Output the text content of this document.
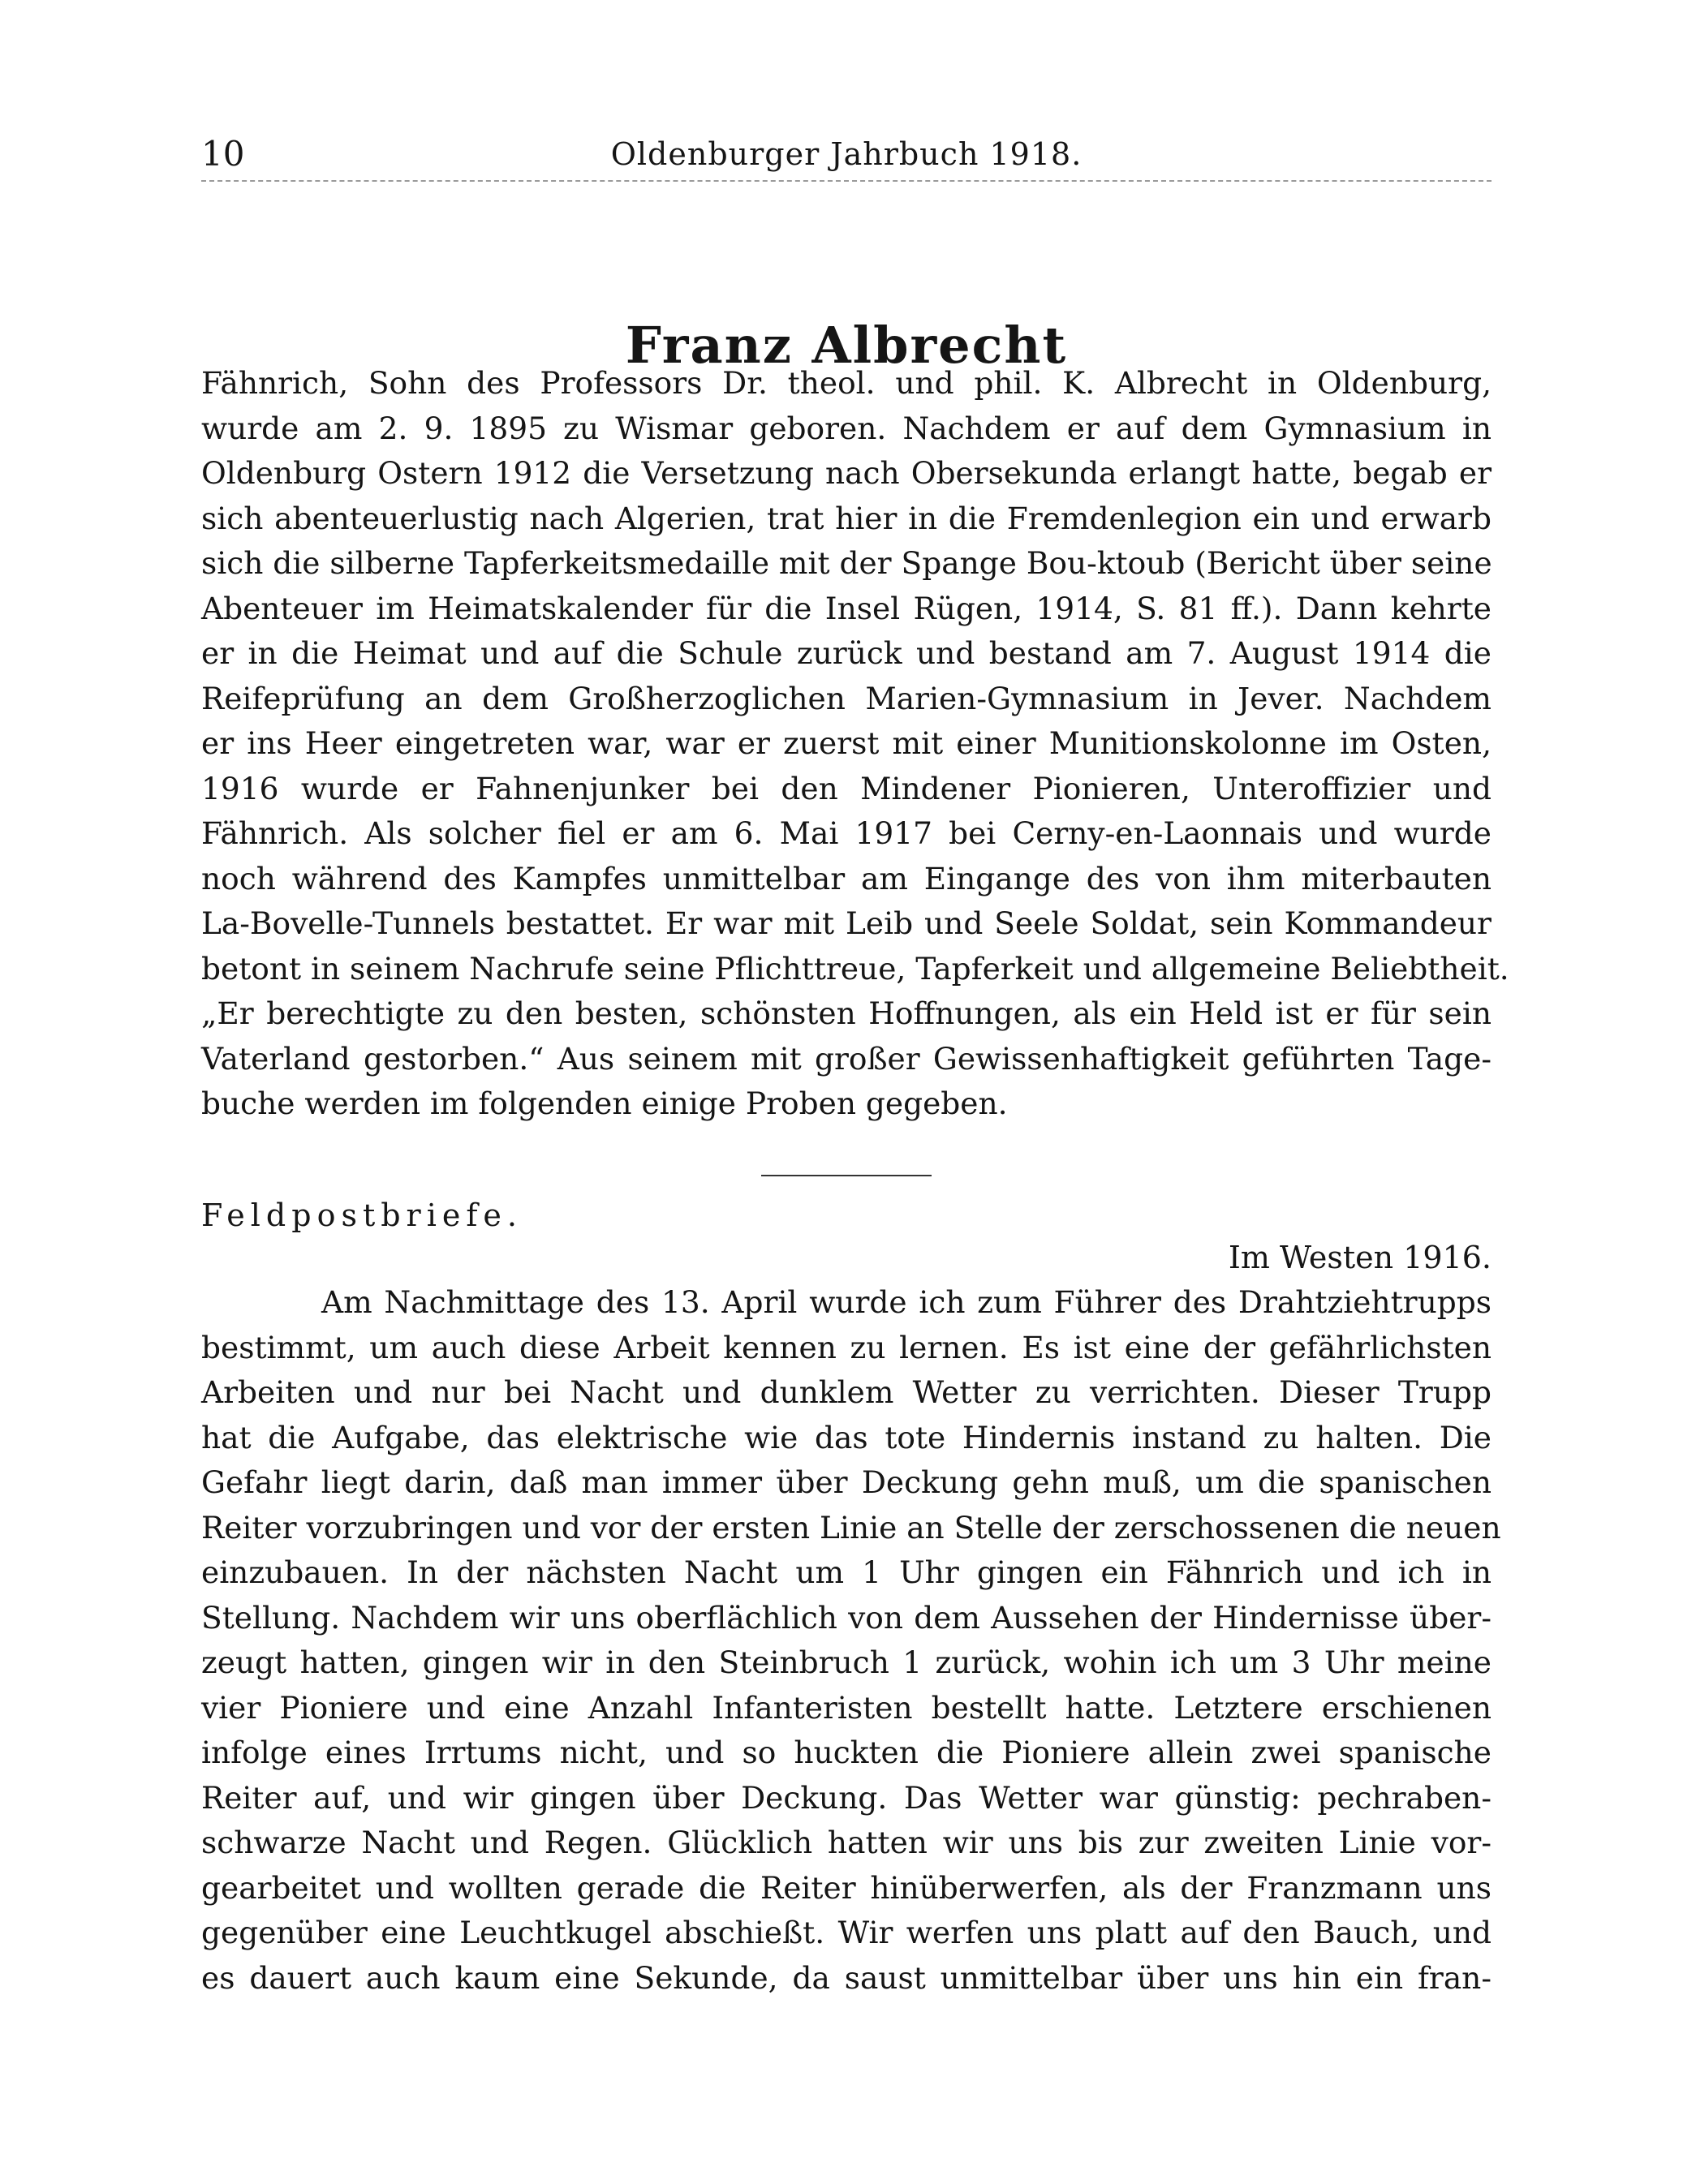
10	Oldenburger Jahrbuch 1918.
Franz Albrecht
Fähnrich, Sohn des Professors Dr. theol. und phil. K. Albrecht in Oldenburg,
wurde am 2. 9. 1895 zu Wismar geboren. Nachdem er auf dem Gymnasium in
Oldenburg Ostern 1912 die Versetzung nach Obersekunda erlangt hatte, begab er
sich abenteuerlustig nach Algerien, trat hier in die Fremdenlegion ein und erwarb
sich die silberne Tapferkeitsmedaille mit der Spange Bou-ktoub (Bericht über seine
Abenteuer im Heimatskalender für die Insel Rügen, 1914, S. 81 ff.). Dann kehrte
er in die Heimat und auf die Schule zurück und bestand am 7. August 1914 die
Reifeprüfung an dem Großherzoglichen Marien-Gymnasium in Jever. Nachdem
er ins Heer eingetreten war, war er zuerst mit einer Munitionskolonne im Osten,
1916 wurde er Fahnenjunker bei den Mindener Pionieren, Unteroffizier und
Fähnrich. Als solcher fiel er am 6. Mai 1917 bei Cerny-en-Laonnais und wurde
noch während des Kampfes unmittelbar am Eingange des von ihm miterbauten
La-Bovelle-Tunnels bestattet. Er war mit Leib und Seele Soldat, sein Kommandeur
betont in seinem Nachrufe seine Pflichttreue, Tapferkeit und allgemeine Beliebtheit.
„Er berechtigte zu den besten, schönsten Hoffnungen, als ein Held ist er für sein
Vaterland gestorben.“ Aus seinem mit großer Gewissenhaftigkeit geführten Tage-
buche werden im folgenden einige Proben gegeben.
Feldpostbriefe.
Im Westen 1916.
Am Nachmittage des 13. April wurde ich zum Führer des Drahtziehtrupps
bestimmt, um auch diese Arbeit kennen zu lernen. Es ist eine der gefährlichsten
Arbeiten und nur bei Nacht und dunklem Wetter zu verrichten. Dieser Trupp
hat die Aufgabe, das elektrische wie das tote Hindernis instand zu halten. Die
Gefahr liegt darin, daß man immer über Deckung gehn muß, um die spanischen
Reiter vorzubringen und vor der ersten Linie an Stelle der zerschossenen die neuen
einzubauen. In der nächsten Nacht um 1 Uhr gingen ein Fähnrich und ich in
Stellung. Nachdem wir uns oberflächlich von dem Aussehen der Hindernisse über-
zeugt hatten, gingen wir in den Steinbruch 1 zurück, wohin ich um 3 Uhr meine
vier Pioniere und eine Anzahl Infanteristen bestellt hatte. Letztere erschienen
infolge eines Irrtums nicht, und so huckten die Pioniere allein zwei spanische
Reiter auf, und wir gingen über Deckung. Das Wetter war günstig: pechraben-
schwarze Nacht und Regen. Glücklich hatten wir uns bis zur zweiten Linie vor-
gearbeitet und wollten gerade die Reiter hinüberwerfen, als der Franzmann uns
gegenüber eine Leuchtkugel abschießt. Wir werfen uns platt auf den Bauch, und
es dauert auch kaum eine Sekunde, da saust unmittelbar über uns hin ein fran-
